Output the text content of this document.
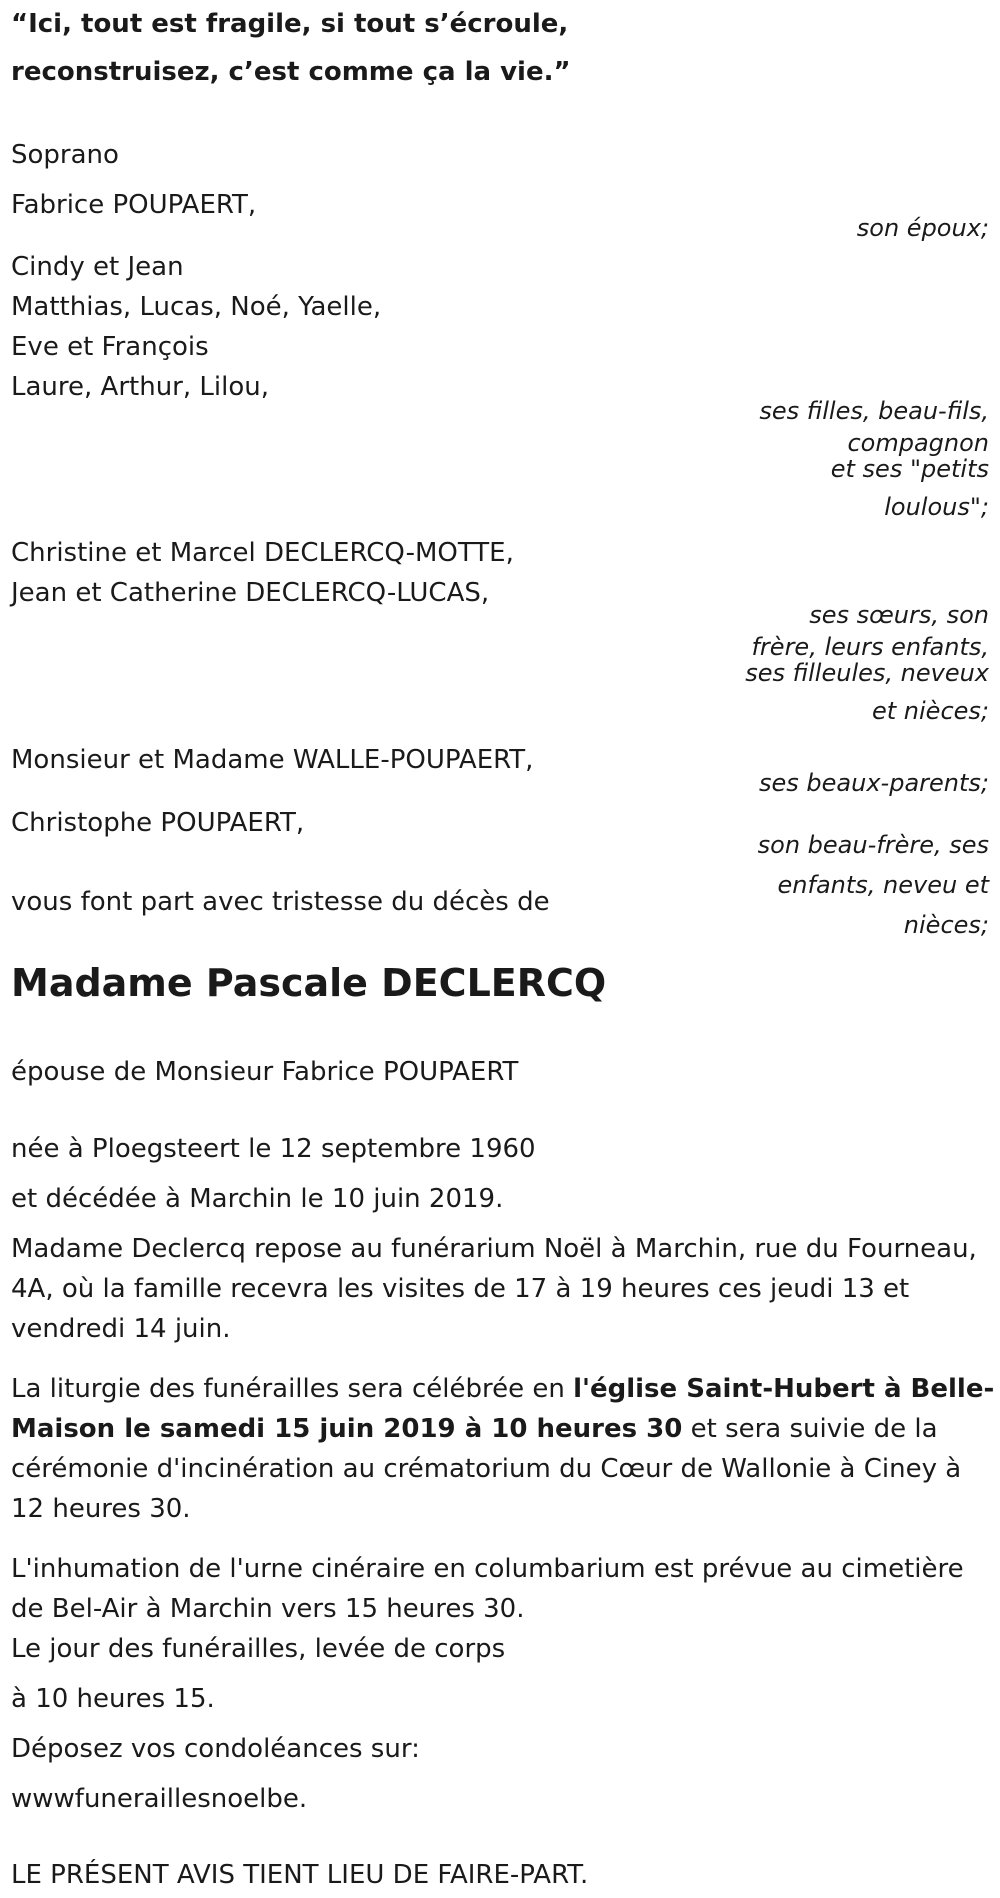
“Ici, tout est fragile, si tout s’écroule, reconstruisez, c’est comme ça la vie.”
Soprano
Fabrice POUPAERT,
son époux;
Cindy et Jean
Matthias, Lucas, Noé, Yaelle,
Eve et François
Laure, Arthur, Lilou,
ses filles, beau-fils,
compagnon
et ses "petits
loulous";
Christine et Marcel DECLERCQ-MOTTE,
Jean et Catherine DECLERCQ-LUCAS,
ses sœurs, son
frère, leurs enfants,
ses filleules, neveux
et nièces;
Monsieur et Madame WALLE-POUPAERT,
ses beaux-parents;
Christophe POUPAERT,
son beau-frère, ses
enfants, neveu et
nièces;
vous font part avec tristesse du décès de
Madame Pascale DECLERCQ
épouse de Monsieur Fabrice POUPAERT
née à Ploegsteert le 12 septembre 1960
et décédée à Marchin le 10 juin 2019.
Madame Declercq repose au funérarium Noël à Marchin, rue du Fourneau, 4A, où la famille recevra les visites de 17 à 19 heures ces jeudi 13 et vendredi 14 juin.
La liturgie des funérailles sera célébrée en l'église Saint-Hubert à Belle-Maison le samedi 15 juin 2019 à 10 heures 30 et sera suivie de la cérémonie d'incinération au crématorium du Cœur de Wallonie à Ciney à 12 heures 30.
L'inhumation de l'urne cinéraire en columbarium est prévue au cimetière de Bel-Air à Marchin vers 15 heures 30.
Le jour des funérailles, levée de corps
à 10 heures 15.
Déposez vos condoléances sur:
wwwfunerai​llesnoelbe.
LE PRÉSENT AVIS TIENT LIEU DE FAIRE-PART.
